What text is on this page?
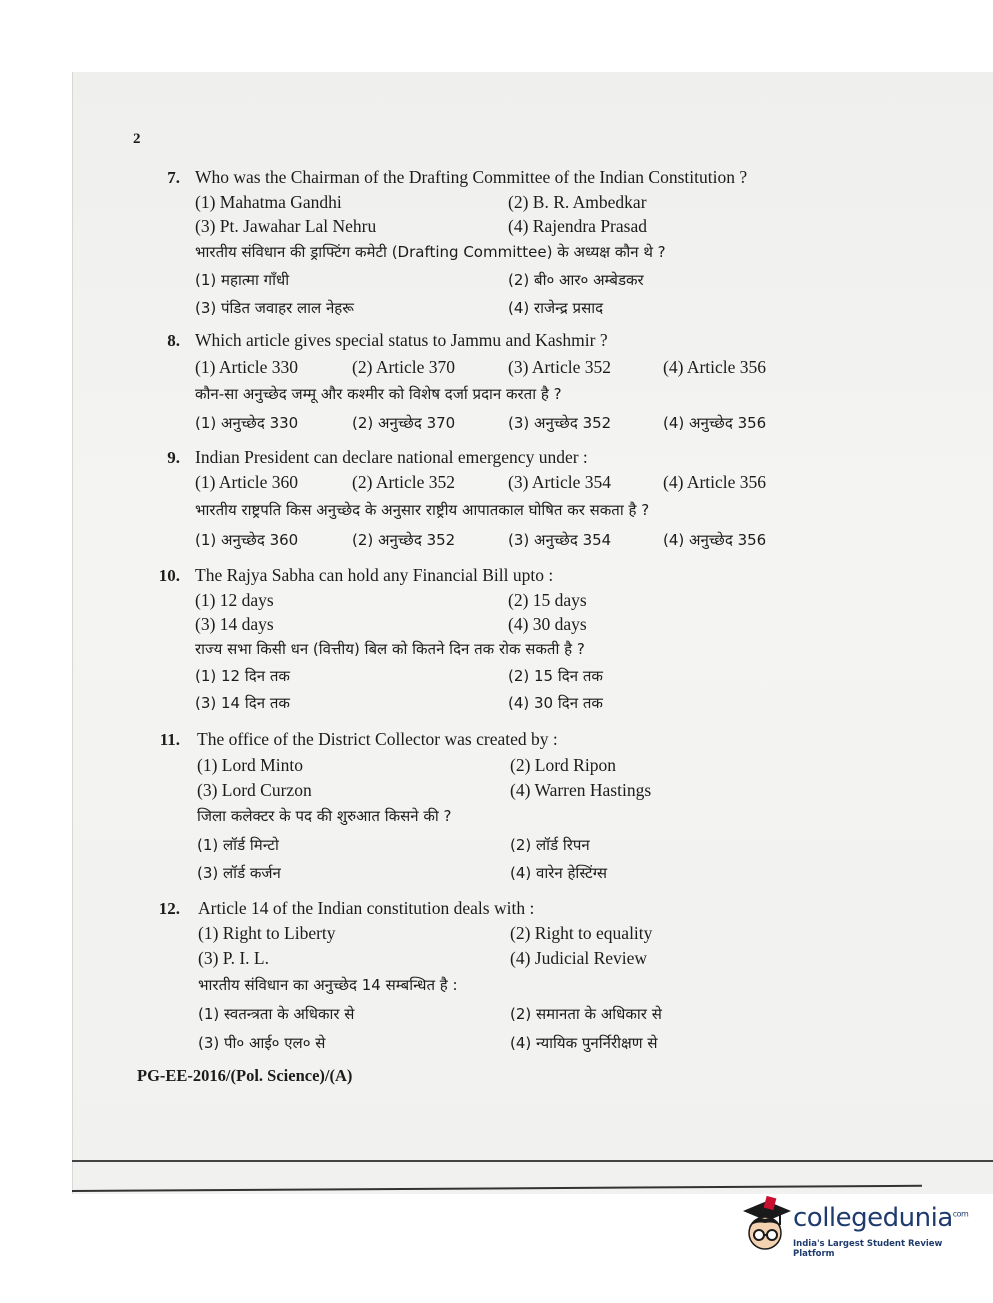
2
7. Who was the Chairman of the Drafting Committee of the Indian Constitution ?
(1) Mahatma Gandhi	(2) B. R. Ambedkar
(3) Pt. Jawahar Lal Nehru	(4) Rajendra Prasad
भारतीय संविधान की ड्राफ्टिंग कमेटी (Drafting Committee) के अध्यक्ष कौन थे ?
(1) महात्मा गाँधी	(2) बी० आर० अम्बेडकर
(3) पंडित जवाहर लाल नेहरू	(4) राजेन्द्र प्रसाद
8. Which article gives special status to Jammu and Kashmir ?
(1) Article 330	(2) Article 370	(3) Article 352	(4) Article 356
कौन-सा अनुच्छेद जम्मू और कश्मीर को विशेष दर्जा प्रदान करता है ?
(1) अनुच्छेद 330	(2) अनुच्छेद 370	(3) अनुच्छेद 352	(4) अनुच्छेद 356
9. Indian President can declare national emergency under :
(1) Article 360	(2) Article 352	(3) Article 354	(4) Article 356
भारतीय राष्ट्रपति किस अनुच्छेद के अनुसार राष्ट्रीय आपातकाल घोषित कर सकता है ?
(1) अनुच्छेद 360	(2) अनुच्छेद 352	(3) अनुच्छेद 354	(4) अनुच्छेद 356
10. The Rajya Sabha can hold any Financial Bill upto :
(1) 12 days	(2) 15 days
(3) 14 days	(4) 30 days
राज्य सभा किसी धन (वित्तीय) बिल को कितने दिन तक रोक सकती है ?
(1) 12 दिन तक	(2) 15 दिन तक
(3) 14 दिन तक	(4) 30 दिन तक
11. The office of the District Collector was created by :
(1) Lord Minto	(2) Lord Ripon
(3) Lord Curzon	(4) Warren Hastings
जिला कलेक्टर के पद की शुरुआत किसने की ?
(1) लॉर्ड मिन्टो	(2) लॉर्ड रिपन
(3) लॉर्ड कर्जन	(4) वारेन हेस्टिंग्स
12. Article 14 of the Indian constitution deals with :
(1) Right to Liberty	(2) Right to equality
(3) P. I. L.	(4) Judicial Review
भारतीय संविधान का अनुच्छेद 14 सम्बन्धित है :
(1) स्वतन्त्रता के अधिकार से	(2) समानता के अधिकार से
(3) पी० आई० एल० से	(4) न्यायिक पुनर्निरीक्षण से
PG-EE-2016/(Pol. Science)/(A)
collegedunia$^{com}$
India's Largest Student Review Platform
